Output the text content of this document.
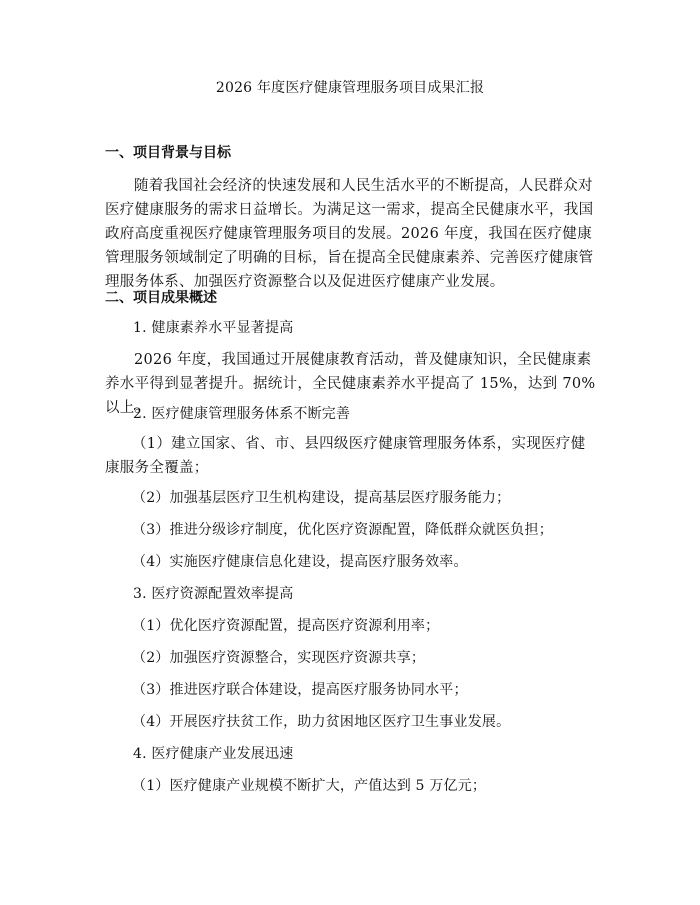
2026 年度医疗健康管理服务项目成果汇报
一、项目背景与目标
随着我国社会经济的快速发展和人民生活水平的不断提高，人民群众对医疗健康服务的需求日益增长。为满足这一需求，提高全民健康水平，我国政府高度重视医疗健康管理服务项目的发展。2026 年度，我国在医疗健康管理服务领域制定了明确的目标，旨在提高全民健康素养、完善医疗健康管理服务体系、加强医疗资源整合以及促进医疗健康产业发展。
二、项目成果概述
1. 健康素养水平显著提高
2026 年度，我国通过开展健康教育活动，普及健康知识，全民健康素养水平得到显著提升。据统计，全民健康素养水平提高了 15%，达到 70%以上。
2. 医疗健康管理服务体系不断完善
（1）建立国家、省、市、县四级医疗健康管理服务体系，实现医疗健康服务全覆盖；
（2）加强基层医疗卫生机构建设，提高基层医疗服务能力；
（3）推进分级诊疗制度，优化医疗资源配置，降低群众就医负担；
（4）实施医疗健康信息化建设，提高医疗服务效率。
3. 医疗资源配置效率提高
（1）优化医疗资源配置，提高医疗资源利用率；
（2）加强医疗资源整合，实现医疗资源共享；
（3）推进医疗联合体建设，提高医疗服务协同水平；
（4）开展医疗扶贫工作，助力贫困地区医疗卫生事业发展。
4. 医疗健康产业发展迅速
（1）医疗健康产业规模不断扩大，产值达到 5 万亿元；
